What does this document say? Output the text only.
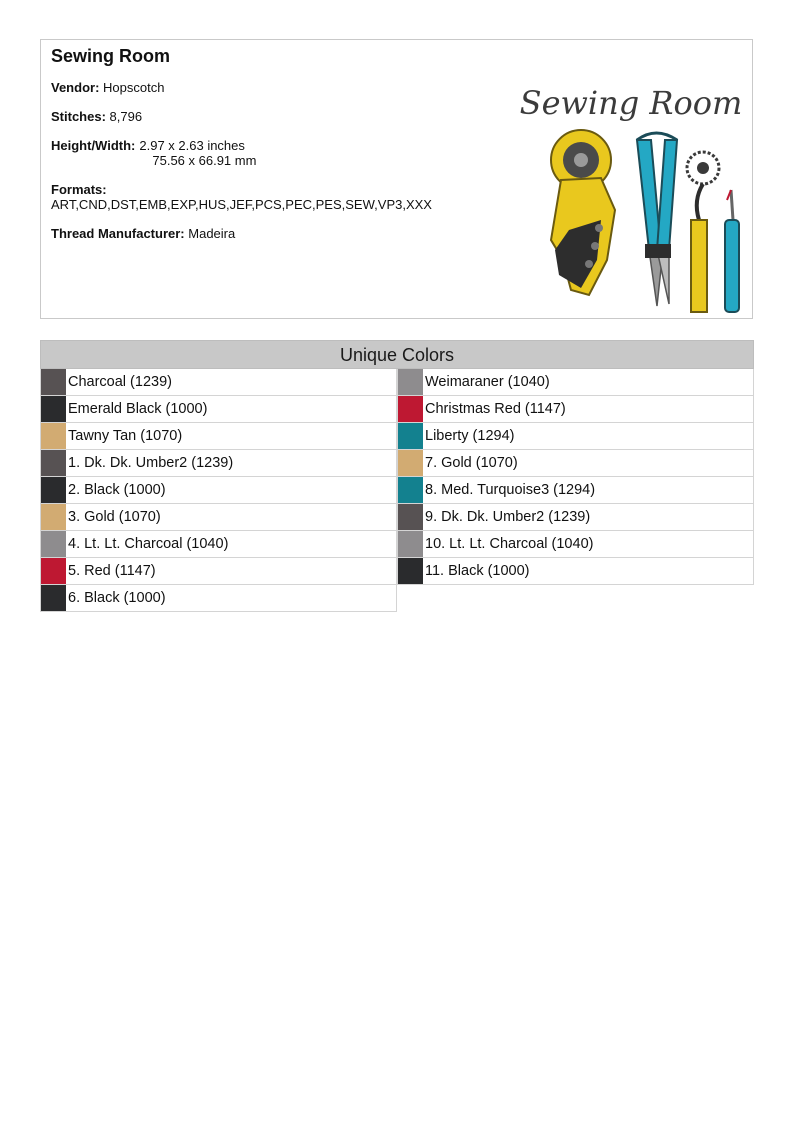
Sewing Room
Vendor: Hopscotch
Stitches: 8,796
Height/Width: 2.97 x 2.63 inches
75.56 x 66.91 mm
Formats:
ART,CND,DST,EMB,EXP,HUS,JEF,PCS,PEC,PES,SEW,VP3,XXX
Thread Manufacturer: Madeira
Sewing Room
Unique Colors
Charcoal (1239)
Emerald Black (1000)
Tawny Tan (1070)
1. Dk. Dk. Umber2 (1239)
2. Black (1000)
3. Gold (1070)
4. Lt. Lt. Charcoal (1040)
5. Red (1147)
6. Black (1000)
Weimaraner (1040)
Christmas Red (1147)
Liberty (1294)
7. Gold (1070)
8. Med. Turquoise3 (1294)
9. Dk. Dk. Umber2 (1239)
10. Lt. Lt. Charcoal (1040)
11. Black (1000)
